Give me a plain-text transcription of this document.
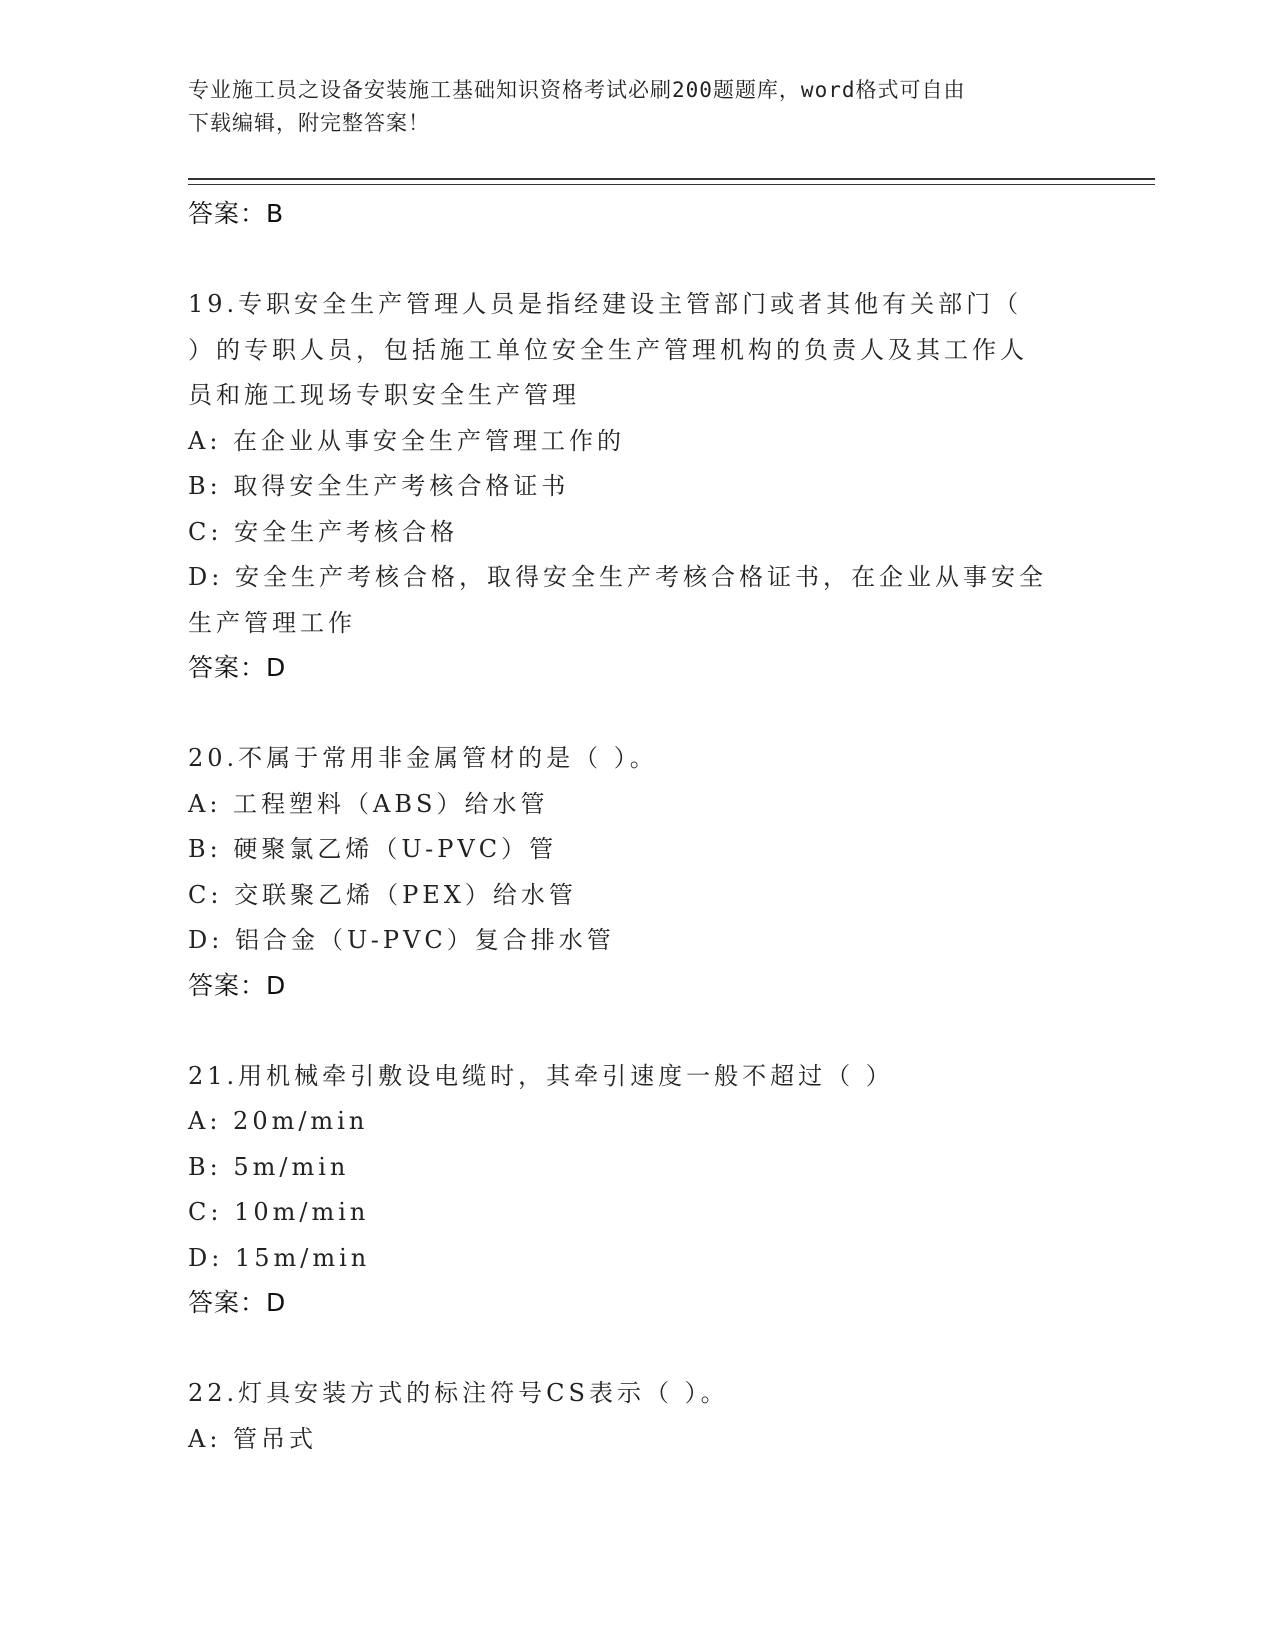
专业施工员之设备安装施工基础知识资格考试必刷200题题库，word格式可自由
下载编辑，附完整答案！
答案：B
19.专职安全生产管理人员是指经建设主管部门或者其他有关部门（
）的专职人员，包括施工单位安全生产管理机构的负责人及其工作人
员和施工现场专职安全生产管理
A: 在企业从事安全生产管理工作的
B: 取得安全生产考核合格证书
C: 安全生产考核合格
D: 安全生产考核合格，取得安全生产考核合格证书，在企业从事安全
生产管理工作
答案：D
20.不属于常用非金属管材的是（ ）。
A: 工程塑料（ABS）给水管
B: 硬聚氯乙烯（U-PVC）管
C: 交联聚乙烯（PEX）给水管
D: 铝合金（U-PVC）复合排水管
答案：D
21.用机械牵引敷设电缆时，其牵引速度一般不超过（ ）
A: 20m/min
B: 5m/min
C: 10m/min
D: 15m/min
答案：D
22.灯具安装方式的标注符号CS表示（ ）。
A: 管吊式
